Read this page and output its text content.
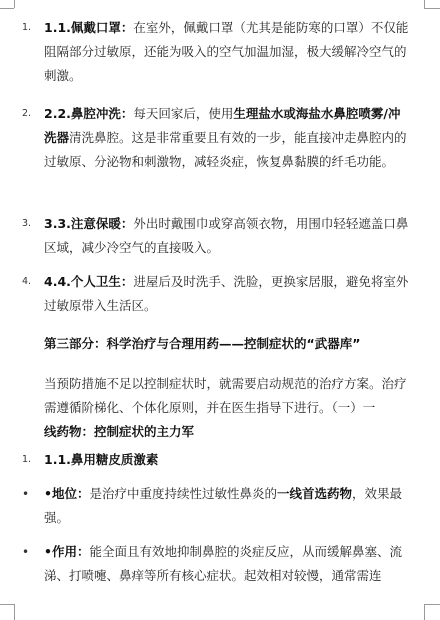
1. 1.1.佩戴口罩：在室外，佩戴口罩（尤其是能防寒的口罩）不仅能阻隔部分过敏原，还能为吸入的空气加温加湿，极大缓解冷空气的刺激。
2. 2.2.鼻腔冲洗：每天回家后，使用生理盐水或海盐水鼻腔喷雾/冲洗器清洗鼻腔。这是非常重要且有效的一步，能直接冲走鼻腔内的过敏原、分泌物和刺激物，减轻炎症，恢复鼻黏膜的纤毛功能。
3. 3.3.注意保暖：外出时戴围巾或穿高领衣物，用围巾轻轻遮盖口鼻区域，减少冷空气的直接吸入。
4. 4.4.个人卫生：进屋后及时洗手、洗脸，更换家居服，避免将室外过敏原带入生活区。
第三部分：科学治疗与合理用药——控制症状的“武器库”
当预防措施不足以控制症状时，就需要启动规范的治疗方案。治疗需遵循阶梯化、个体化原则，并在医生指导下进行。（一）一
线药物：控制症状的主力军
1. 1.1.鼻用糖皮质激素
• •地位：是治疗中重度持续性过敏性鼻炎的一线首选药物，效果最强。
• •作用：能全面且有效地抑制鼻腔的炎症反应，从而缓解鼻塞、流涕、打喷嚏、鼻痒等所有核心症状。起效相对较慢，通常需连
